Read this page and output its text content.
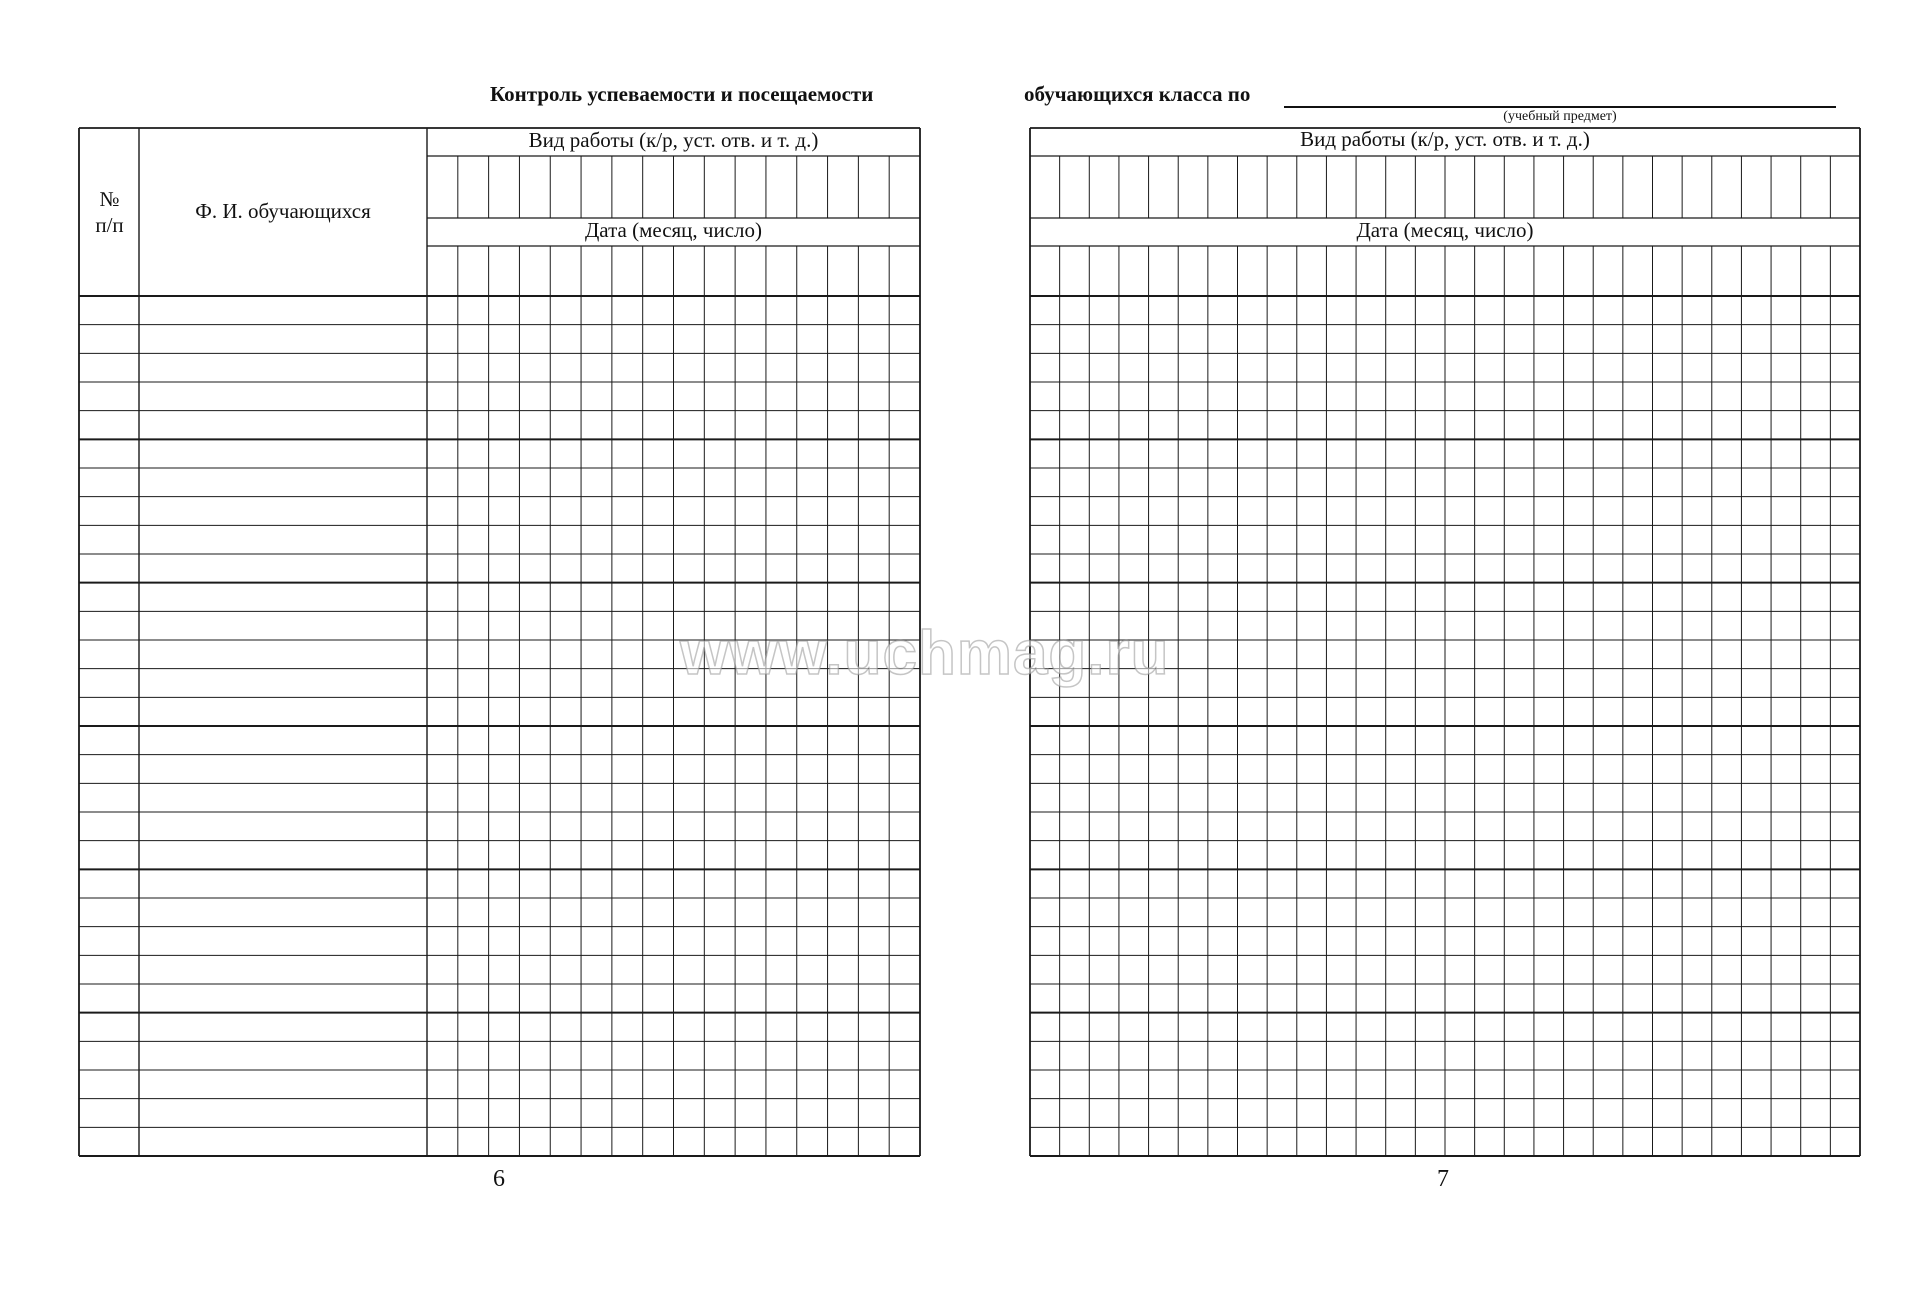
Контроль успеваемости и посещаемости
Вид работы (к/р, уст. отв. и т. д.)
Дата (месяц, число)
№
п/п
Ф. И. обучающихся
6
обучающихся класса по
(учебный предмет)
Вид работы (к/р, уст. отв. и т. д.)
Дата (месяц, число)
7
www.uchmag.ru
